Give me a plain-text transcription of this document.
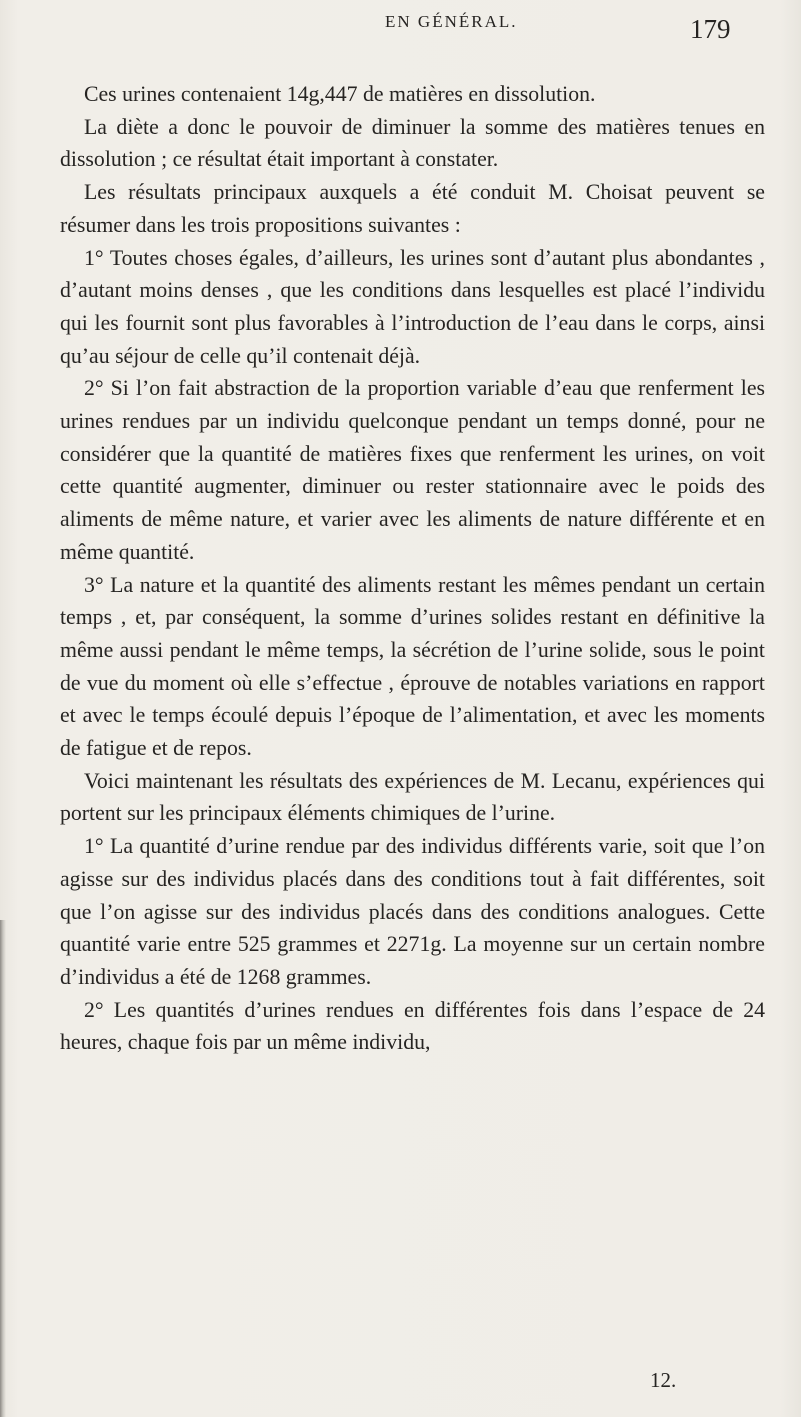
EN GÉNÉRAL.	179

Ces urines contenaient 14g,447 de matières en dissolution.

La diète a donc le pouvoir de diminuer la somme des matières tenues en dissolution ; ce résultat était important à constater.

Les résultats principaux auxquels a été conduit M. Choisat peuvent se résumer dans les trois propositions suivantes :

1° Toutes choses égales, d’ailleurs, les urines sont d’autant plus abondantes , d’autant moins denses , que les conditions dans lesquelles est placé l’individu qui les fournit sont plus favorables à l’introduction de l’eau dans le corps, ainsi qu’au séjour de celle qu’il contenait déjà.

2° Si l’on fait abstraction de la proportion variable d’eau que renferment les urines rendues par un individu quelconque pendant un temps donné, pour ne considérer que la quantité de matières fixes que renferment les urines, on voit cette quantité augmenter, diminuer ou rester stationnaire avec le poids des aliments de même nature, et varier avec les aliments de nature différente et en même quantité.

3° La nature et la quantité des aliments restant les mêmes pendant un certain temps , et, par conséquent, la somme d’urines solides restant en définitive la même aussi pendant le même temps, la sécrétion de l’urine solide, sous le point de vue du moment où elle s’effectue , éprouve de notables variations en rapport et avec le temps écoulé depuis l’époque de l’alimentation, et avec les moments de fatigue et de repos.

Voici maintenant les résultats des expériences de M. Lecanu, expériences qui portent sur les principaux éléments chimiques de l’urine.

1° La quantité d’urine rendue par des individus différents varie, soit que l’on agisse sur des individus placés dans des conditions tout à fait différentes, soit que l’on agisse sur des individus placés dans des conditions analogues. Cette quantité varie entre 525 grammes et 2271g. La moyenne sur un certain nombre d’individus a été de 1268 grammes.

2° Les quantités d’urines rendues en différentes fois dans l’espace de 24 heures, chaque fois par un même individu,

12.
